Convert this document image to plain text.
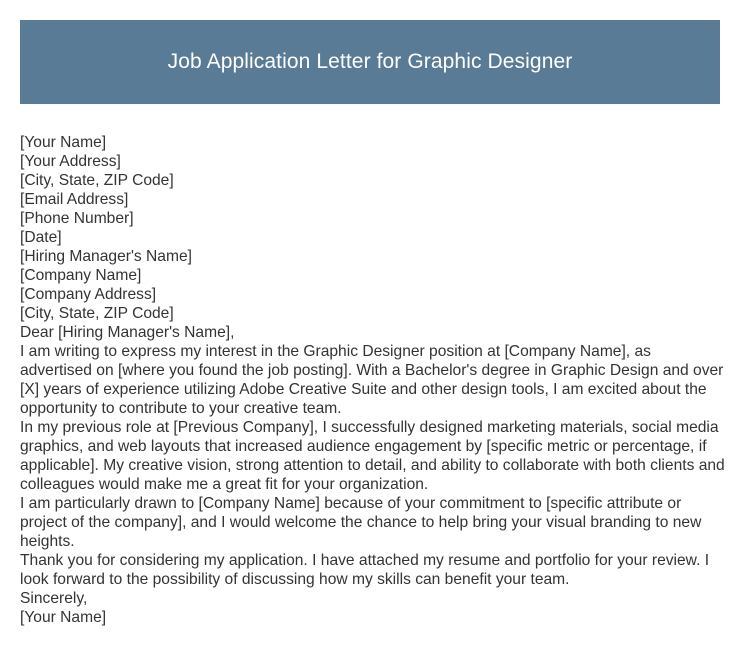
Job Application Letter for Graphic Designer
[Your Name]
[Your Address]
[City, State, ZIP Code]
[Email Address]
[Phone Number]
[Date]
[Hiring Manager's Name]
[Company Name]
[Company Address]
[City, State, ZIP Code]
Dear [Hiring Manager's Name],
I am writing to express my interest in the Graphic Designer position at [Company Name], as advertised on [where you found the job posting]. With a Bachelor's degree in Graphic Design and over [X] years of experience utilizing Adobe Creative Suite and other design tools, I am excited about the opportunity to contribute to your creative team.
In my previous role at [Previous Company], I successfully designed marketing materials, social media graphics, and web layouts that increased audience engagement by [specific metric or percentage, if applicable]. My creative vision, strong attention to detail, and ability to collaborate with both clients and colleagues would make me a great fit for your organization.
I am particularly drawn to [Company Name] because of your commitment to [specific attribute or project of the company], and I would welcome the chance to help bring your visual branding to new heights.
Thank you for considering my application. I have attached my resume and portfolio for your review. I look forward to the possibility of discussing how my skills can benefit your team.
Sincerely,
[Your Name]
